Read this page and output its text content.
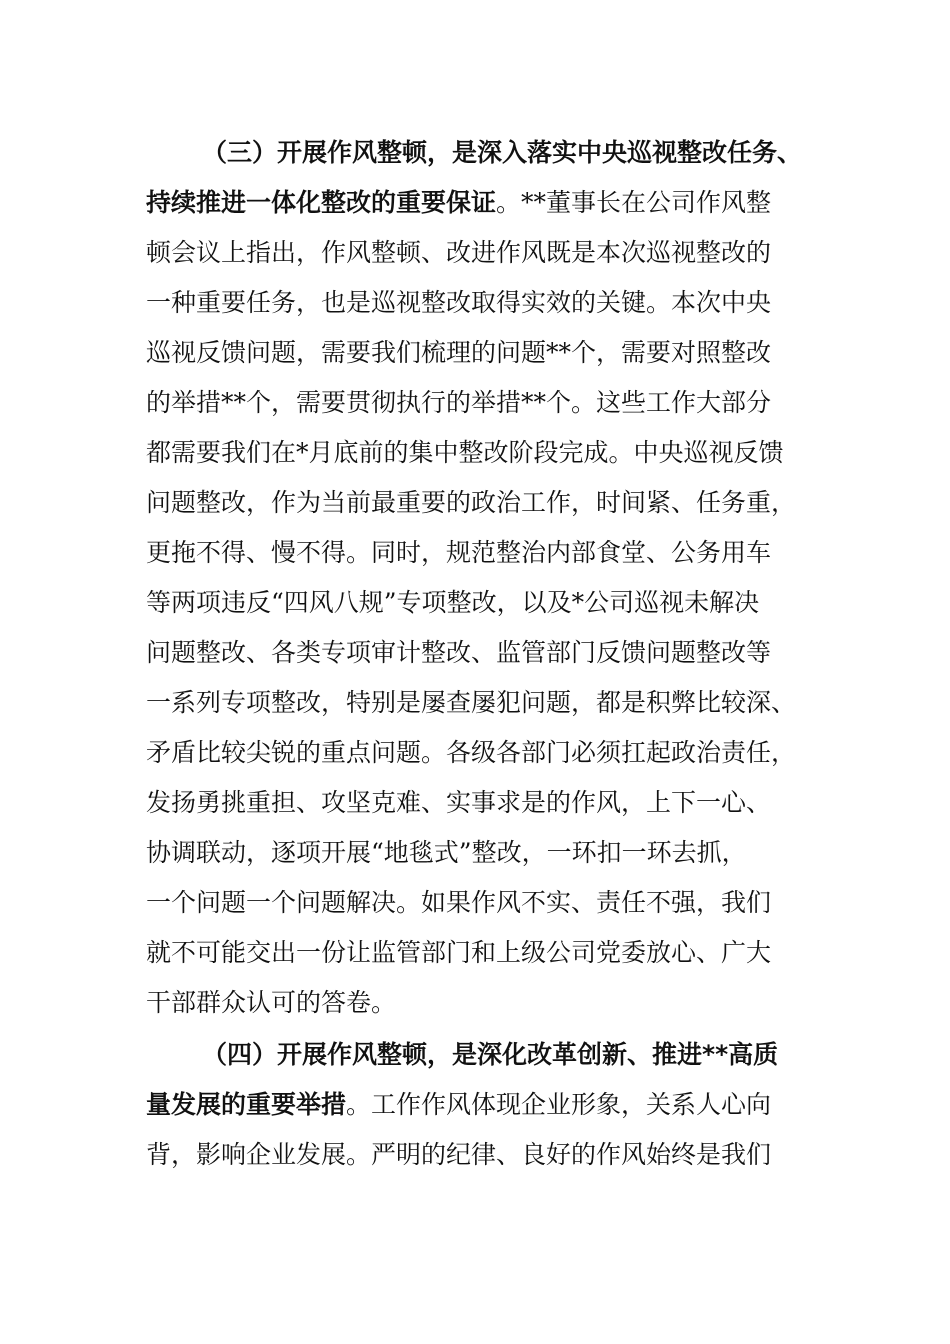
（三）开展作风整顿，是深入落实中央巡视整改任务、
持续推进一体化整改的重要保证。**董事长在公司作风整
顿会议上指出，作风整顿、改进作风既是本次巡视整改的
一种重要任务，也是巡视整改取得实效的关键。本次中央
巡视反馈问题，需要我们梳理的问题**个，需要对照整改
的举措**个，需要贯彻执行的举措**个。这些工作大部分
都需要我们在*月底前的集中整改阶段完成。中央巡视反馈
问题整改，作为当前最重要的政治工作，时间紧、任务重，
更拖不得、慢不得。同时，规范整治内部食堂、公务用车
等两项违反“四风八规”专项整改，以及*公司巡视未解决
问题整改、各类专项审计整改、监管部门反馈问题整改等
一系列专项整改，特别是屡查屡犯问题，都是积弊比较深、
矛盾比较尖锐的重点问题。各级各部门必须扛起政治责任，
发扬勇挑重担、攻坚克难、实事求是的作风，上下一心、
协调联动，逐项开展“地毯式”整改，一环扣一环去抓，
一个问题一个问题解决。如果作风不实、责任不强，我们
就不可能交出一份让监管部门和上级公司党委放心、广大
干部群众认可的答卷。
（四）开展作风整顿，是深化改革创新、推进**高质
量发展的重要举措。工作作风体现企业形象，关系人心向
背，影响企业发展。严明的纪律、良好的作风始终是我们
